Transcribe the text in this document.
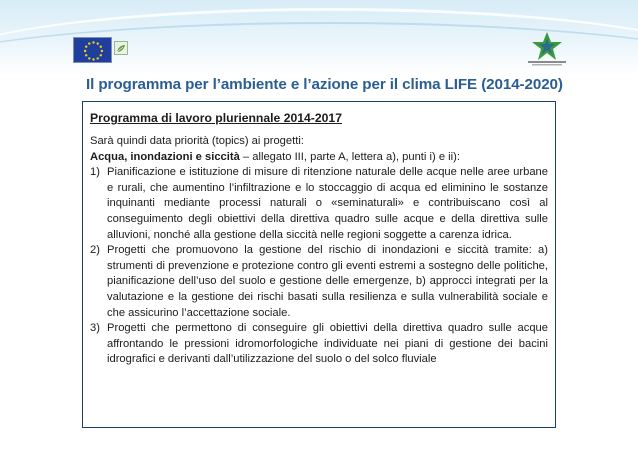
Il programma per l’ambiente e l’azione per il clima LIFE (2014-2020)
Programma di lavoro pluriennale 2014-2017
Sarà quindi data priorità (topics) ai progetti:
Acqua, inondazioni e siccità – allegato III, parte A, lettera a), punti i) e ii):
1) Pianificazione e istituzione di misure di ritenzione naturale delle acque nelle aree urbane e rurali, che aumentino l’infiltrazione e lo stoccaggio di acqua ed eliminino le sostanze inquinanti mediante processi naturali o «seminaturali» e contribuiscano così al conseguimento degli obiettivi della direttiva quadro sulle acque e della direttiva sulle alluvioni, nonché alla gestione della siccità nelle regioni soggette a carenza idrica.
2) Progetti che promuovono la gestione del rischio di inondazioni e siccità tramite: a) strumenti di prevenzione e protezione contro gli eventi estremi a sostegno delle politiche, pianificazione dell’uso del suolo e gestione delle emergenze, b) approcci integrati per la valutazione e la gestione dei rischi basati sulla resilienza e sulla vulnerabilità sociale e che assicurino l’accettazione sociale.
3) Progetti che permettono di conseguire gli obiettivi della direttiva quadro sulle acque affrontando le pressioni idromorfologiche individuate nei piani di gestione dei bacini idrografici e derivanti dall’utilizzazione del suolo o del solco fluviale
